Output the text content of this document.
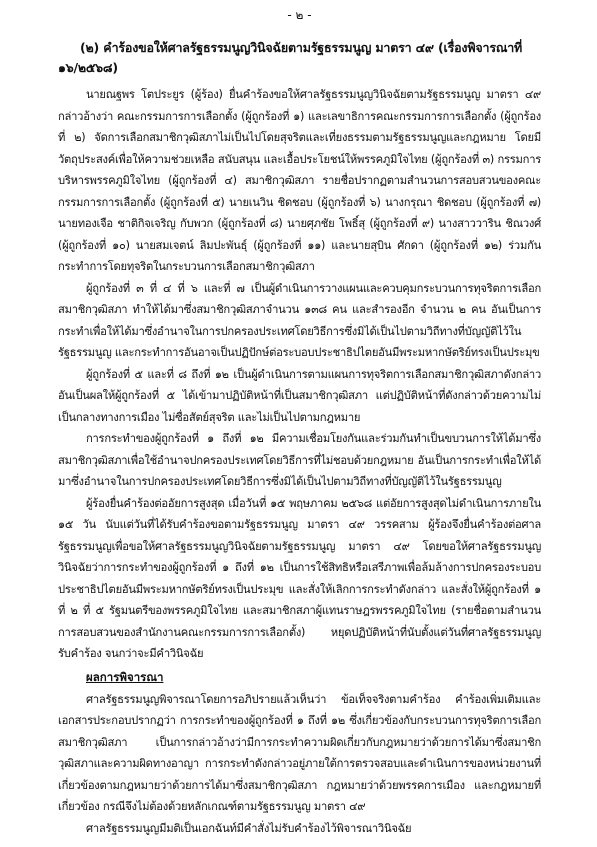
- ๒ -
(๒) คำร้องขอให้ศาลรัฐธรรมนูญวินิจฉัยตามรัฐธรรมนูญ มาตรา ๔๙ (เรื่องพิจารณาที่ ๑๖/๒๕๖๘)

นายณฐพร โตประยูร (ผู้ร้อง) ยื่นคำร้องขอให้ศาลรัฐธรรมนูญวินิจฉัยตามรัฐธรรมนูญ มาตรา ๔๙ กล่าวอ้างว่า คณะกรรมการการเลือกตั้ง (ผู้ถูกร้องที่ ๑) และเลขาธิการคณะกรรมการการเลือกตั้ง (ผู้ถูกร้องที่ ๒) จัดการเลือกสมาชิกวุฒิสภาไม่เป็นไปโดยสุจริตและเที่ยงธรรมตามรัฐธรรมนูญและกฎหมาย โดยมีวัตถุประสงค์เพื่อให้ความช่วยเหลือ สนับสนุน และเอื้อประโยชน์ให้พรรคภูมิใจไทย (ผู้ถูกร้องที่ ๓) กรรมการบริหารพรรคภูมิใจไทย (ผู้ถูกร้องที่ ๔) สมาชิกวุฒิสภา รายชื่อปรากฏตามสำนวนการสอบสวนของคณะกรรมการการเลือกตั้ง (ผู้ถูกร้องที่ ๕) นายเนวิน ชิดชอบ (ผู้ถูกร้องที่ ๖) นางกรุณา ชิดชอบ (ผู้ถูกร้องที่ ๗) นายทองเจือ ชาติกิจเจริญ กับพวก (ผู้ถูกร้องที่ ๘) นายศุภชัย โพธิ์สุ (ผู้ถูกร้องที่ ๙) นางสาววาริน ชิณวงศ์ (ผู้ถูกร้องที่ ๑๐) นายสมเจตน์ ลิมปะพันธุ์ (ผู้ถูกร้องที่ ๑๑) และนายสุบิน ศักดา (ผู้ถูกร้องที่ ๑๒) ร่วมกันกระทำการโดยทุจริตในกระบวนการเลือกสมาชิกวุฒิสภา

ผู้ถูกร้องที่ ๓ ที่ ๔ ที่ ๖ และที่ ๗ เป็นผู้ดำเนินการวางแผนและควบคุมกระบวนการทุจริตการเลือกสมาชิกวุฒิสภา ทำให้ได้มาซึ่งสมาชิกวุฒิสภาจำนวน ๑๓๘ คน และสำรองอีก จำนวน ๒ คน อันเป็นการกระทำเพื่อให้ได้มาซึ่งอำนาจในการปกครองประเทศโดยวิธีการซึ่งมิได้เป็นไปตามวิถีทางที่บัญญัติไว้ในรัฐธรรมนูญ และกระทำการอันอาจเป็นปฏิปักษ์ต่อระบอบประชาธิปไตยอันมีพระมหากษัตริย์ทรงเป็นประมุข

ผู้ถูกร้องที่ ๕ และที่ ๘ ถึงที่ ๑๒ เป็นผู้ดำเนินการตามแผนการทุจริตการเลือกสมาชิกวุฒิสภาดังกล่าว อันเป็นผลให้ผู้ถูกร้องที่ ๕ ได้เข้ามาปฏิบัติหน้าที่เป็นสมาชิกวุฒิสภา แต่ปฏิบัติหน้าที่ดังกล่าวด้วยความไม่เป็นกลางทางการเมือง ไม่ซื่อสัตย์สุจริต และไม่เป็นไปตามกฎหมาย

การกระทำของผู้ถูกร้องที่ ๑ ถึงที่ ๑๒ มีความเชื่อมโยงกันและร่วมกันทำเป็นขบวนการให้ได้มาซึ่งสมาชิกวุฒิสภาเพื่อใช้อำนาจปกครองประเทศโดยวิธีการที่ไม่ชอบด้วยกฎหมาย อันเป็นการกระทำเพื่อให้ได้มาซึ่งอำนาจในการปกครองประเทศโดยวิธีการซึ่งมิได้เป็นไปตามวิถีทางที่บัญญัติไว้ในรัฐธรรมนูญ

ผู้ร้องยื่นคำร้องต่ออัยการสูงสุด เมื่อวันที่ ๑๕ พฤษภาคม ๒๕๖๘ แต่อัยการสูงสุดไม่ดำเนินการภายใน ๑๕ วัน นับแต่วันที่ได้รับคำร้องขอตามรัฐธรรมนูญ มาตรา ๔๙ วรรคสาม ผู้ร้องจึงยื่นคำร้องต่อศาลรัฐธรรมนูญเพื่อขอให้ศาลรัฐธรรมนูญวินิจฉัยตามรัฐธรรมนูญ มาตรา ๔๙ โดยขอให้ศาลรัฐธรรมนูญวินิจฉัยว่าการกระทำของผู้ถูกร้องที่ ๑ ถึงที่ ๑๒ เป็นการใช้สิทธิหรือเสรีภาพเพื่อล้มล้างการปกครองระบอบประชาธิปไตยอันมีพระมหากษัตริย์ทรงเป็นประมุข และสั่งให้เลิกการกระทำดังกล่าว และสั่งให้ผู้ถูกร้องที่ ๑ ที่ ๒ ที่ ๕ รัฐมนตรีของพรรคภูมิใจไทย และสมาชิกสภาผู้แทนราษฎรพรรคภูมิใจไทย (รายชื่อตามสำนวนการสอบสวนของสำนักงานคณะกรรมการการเลือกตั้ง) หยุดปฏิบัติหน้าที่นับตั้งแต่วันที่ศาลรัฐธรรมนูญรับคำร้อง จนกว่าจะมีคำวินิจฉัย

ผลการพิจารณา

ศาลรัฐธรรมนูญพิจารณาโดยการอภิปรายแล้วเห็นว่า ข้อเท็จจริงตามคำร้อง คำร้องเพิ่มเติมและเอกสารประกอบปรากฏว่า การกระทำของผู้ถูกร้องที่ ๑ ถึงที่ ๑๒ ซึ่งเกี่ยวข้องกับกระบวนการทุจริตการเลือกสมาชิกวุฒิสภา เป็นการกล่าวอ้างว่ามีการกระทำความผิดเกี่ยวกับกฎหมายว่าด้วยการได้มาซึ่งสมาชิกวุฒิสภาและความผิดทางอาญา การกระทำดังกล่าวอยู่ภายใต้การตรวจสอบและดำเนินการของหน่วยงานที่เกี่ยวข้องตามกฎหมายว่าด้วยการได้มาซึ่งสมาชิกวุฒิสภา กฎหมายว่าด้วยพรรคการเมือง และกฎหมายที่เกี่ยวข้อง กรณีจึงไม่ต้องด้วยหลักเกณฑ์ตามรัฐธรรมนูญ มาตรา ๔๙

ศาลรัฐธรรมนูญมีมติเป็นเอกฉันท์มีคำสั่งไม่รับคำร้องไว้พิจารณาวินิจฉัย
